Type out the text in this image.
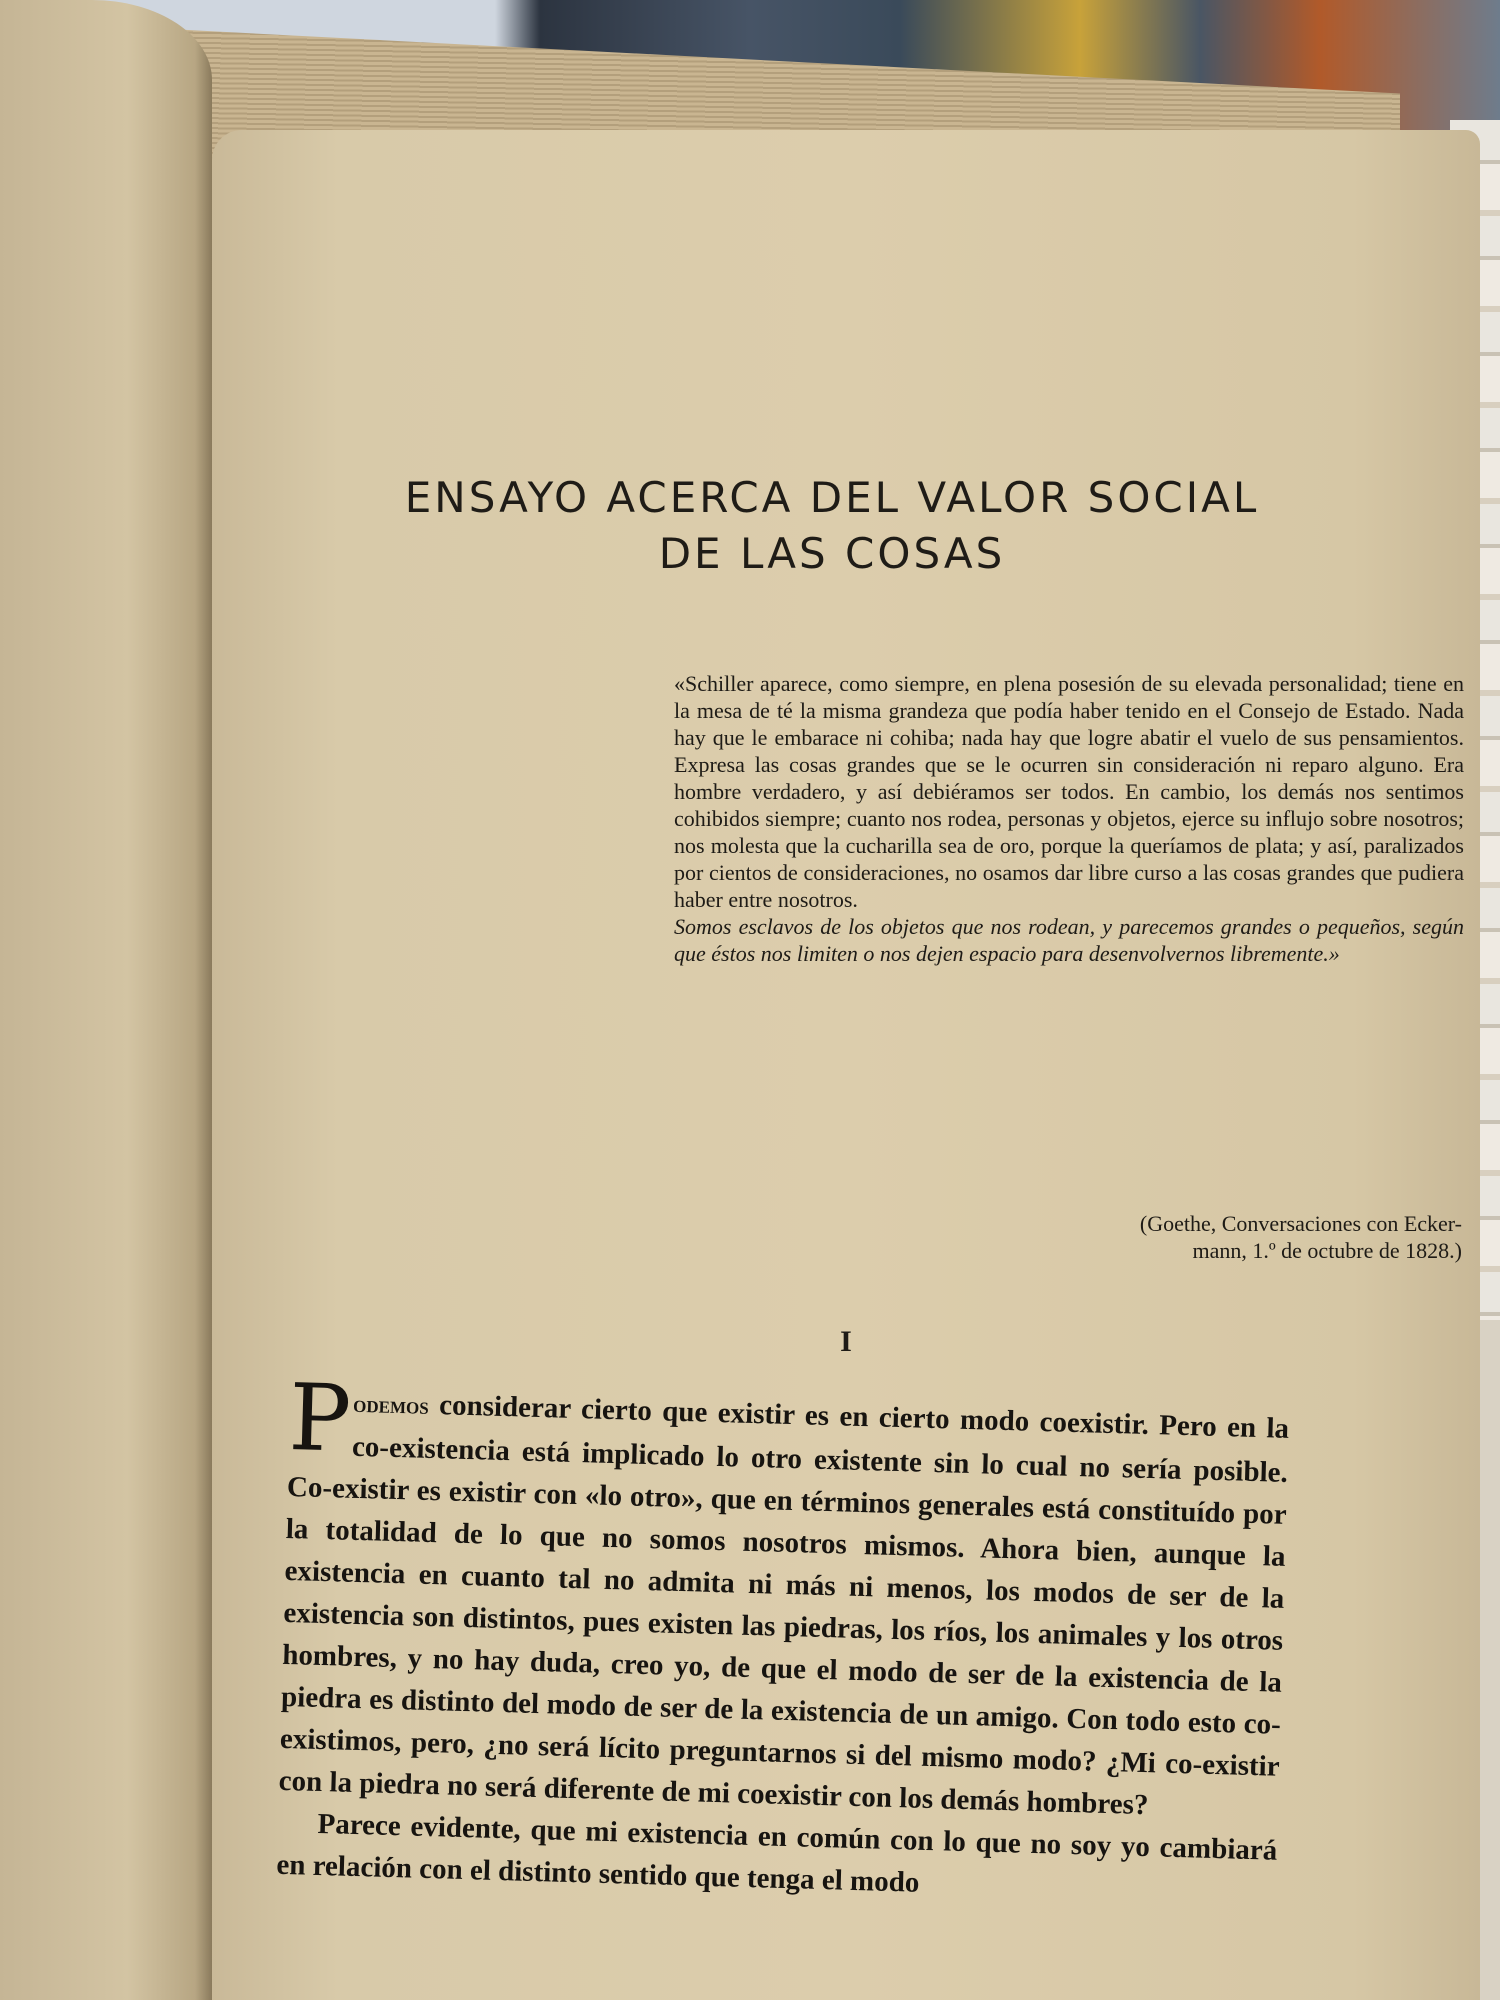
ENSAYO ACERCA DEL VALOR SOCIAL
DE LAS COSAS

«Schiller aparece, como siempre, en plena posesión de su elevada personalidad; tiene en la mesa de té la misma grandeza que podía haber tenido en el Consejo de Estado. Nada hay que le embarace ni cohiba; nada hay que logre abatir el vuelo de sus pensamientos. Expresa las cosas grandes que se le ocurren sin consideración ni reparo alguno. Era hombre verdadero, y así debiéramos ser todos. En cambio, los demás nos sentimos cohibidos siempre; cuanto nos rodea, personas y objetos, ejerce su influjo sobre nosotros; nos molesta que la cucharilla sea de oro, porque la queríamos de plata; y así, paralizados por cientos de consideraciones, no osamos dar libre curso a las cosas grandes que pudiera haber entre nosotros.
Somos esclavos de los objetos que nos rodean, y parecemos grandes o pequeños, según que éstos nos limiten o nos dejen espacio para desenvolvernos libremente.»

(Goethe, Conversaciones con Ecker-
mann, 1.º de octubre de 1828.)

I

Podemos considerar cierto que existir es en cierto modo coexistir. Pero en la co-existencia está implicado lo otro existente sin lo cual no sería posible. Co-existir es existir con «lo otro», que en términos generales está constituído por la totalidad de lo que no somos nosotros mismos. Ahora bien, aunque la existencia en cuanto tal no admita ni más ni menos, los modos de ser de la existencia son distintos, pues existen las piedras, los ríos, los animales y los otros hombres, y no hay duda, creo yo, de que el modo de ser de la existencia de la piedra es distinto del modo de ser de la existencia de un amigo. Con todo esto co-existimos, pero, ¿no será lícito preguntarnos si del mismo modo? ¿Mi co-existir con la piedra no será diferente de mi coexistir con los demás hombres?
Parece evidente, que mi existencia en común con lo que no soy yo cambiará en relación con el distinto sentido que tenga el modo
